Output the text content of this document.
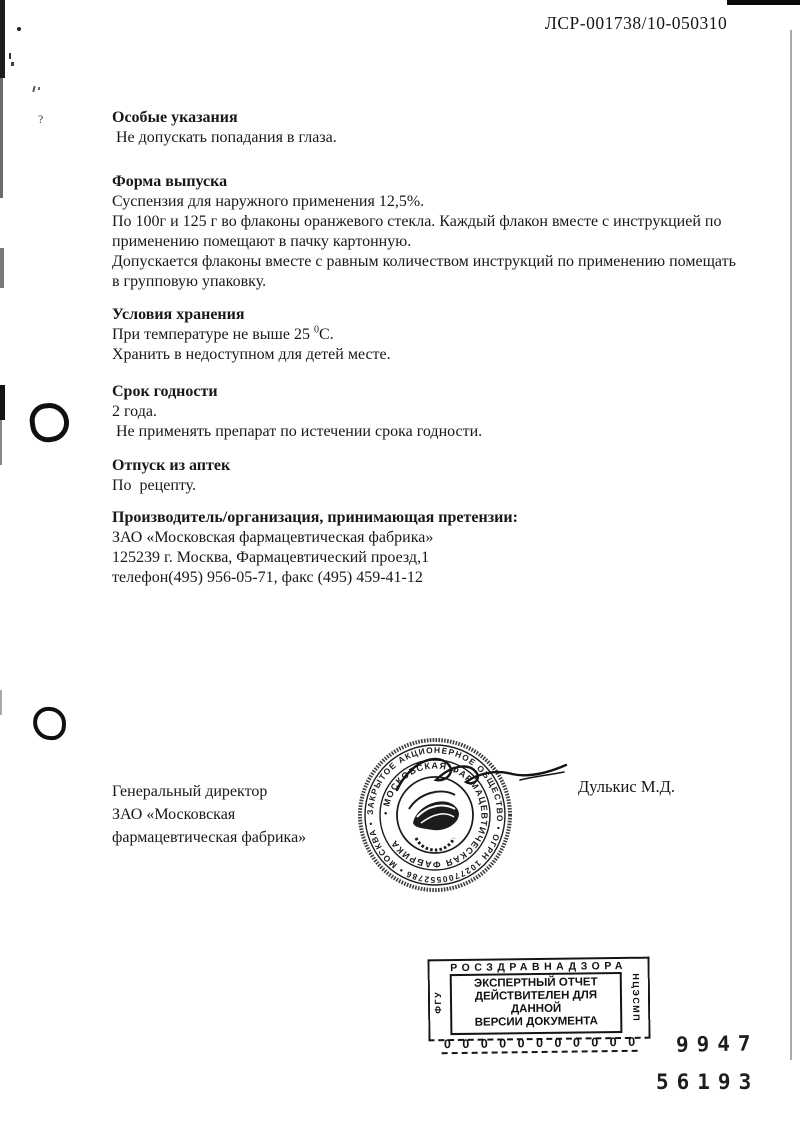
?
ЛСР-001738/10-050310
Особые указания

Не допускать попадания в глаза.

Форма выпуска

Суспензия для наружного применения 12,5%.

По 100г и 125 г во флаконы оранжевого стекла. Каждый флакон вместе с инструкцией по применению помещают в пачку картонную.

Допускается флаконы вместе с равным количеством инструкций по применению помещать в групповую упаковку.

Условия хранения

При температуре не выше 25 $^0$С.

Хранить в недоступном для детей месте.

Срок годности

2 года.

Не применять препарат по истечении срока годности.

Отпуск из аптек

По  рецепту.

Производитель/организация, принимающая претензии:

ЗАО «Московская фармацевтическая фабрика»

125239 г. Москва, Фармацевтический проезд,1

телефон(495) 956-05-71, факс (495) 459-41-12

Генеральный директор
ЗАО «Московская
фармацевтическая фабрика»
ЗАКРЫТОЕ АКЦИОНЕРНОЕ ОБЩЕСТВО • ОГРН 1027700552786 • МОСКВА •
• МОСКОВСКАЯ ФАРМАЦЕВТИЧЕСКАЯ ФАБРИКА
Дулькис М.Д.
РОСЗДРАВНАДЗОРА
ФГУ	НЦЭСМП
ЭКСПЕРТНЫЙ ОТЧЕТ
ДЕЙСТВИТЕЛЕН ДЛЯ ДАННОЙ
ВЕРСИИ ДОКУМЕНТА
0 0 0 0 0 0 0 0 0 0 0	9947
56193
